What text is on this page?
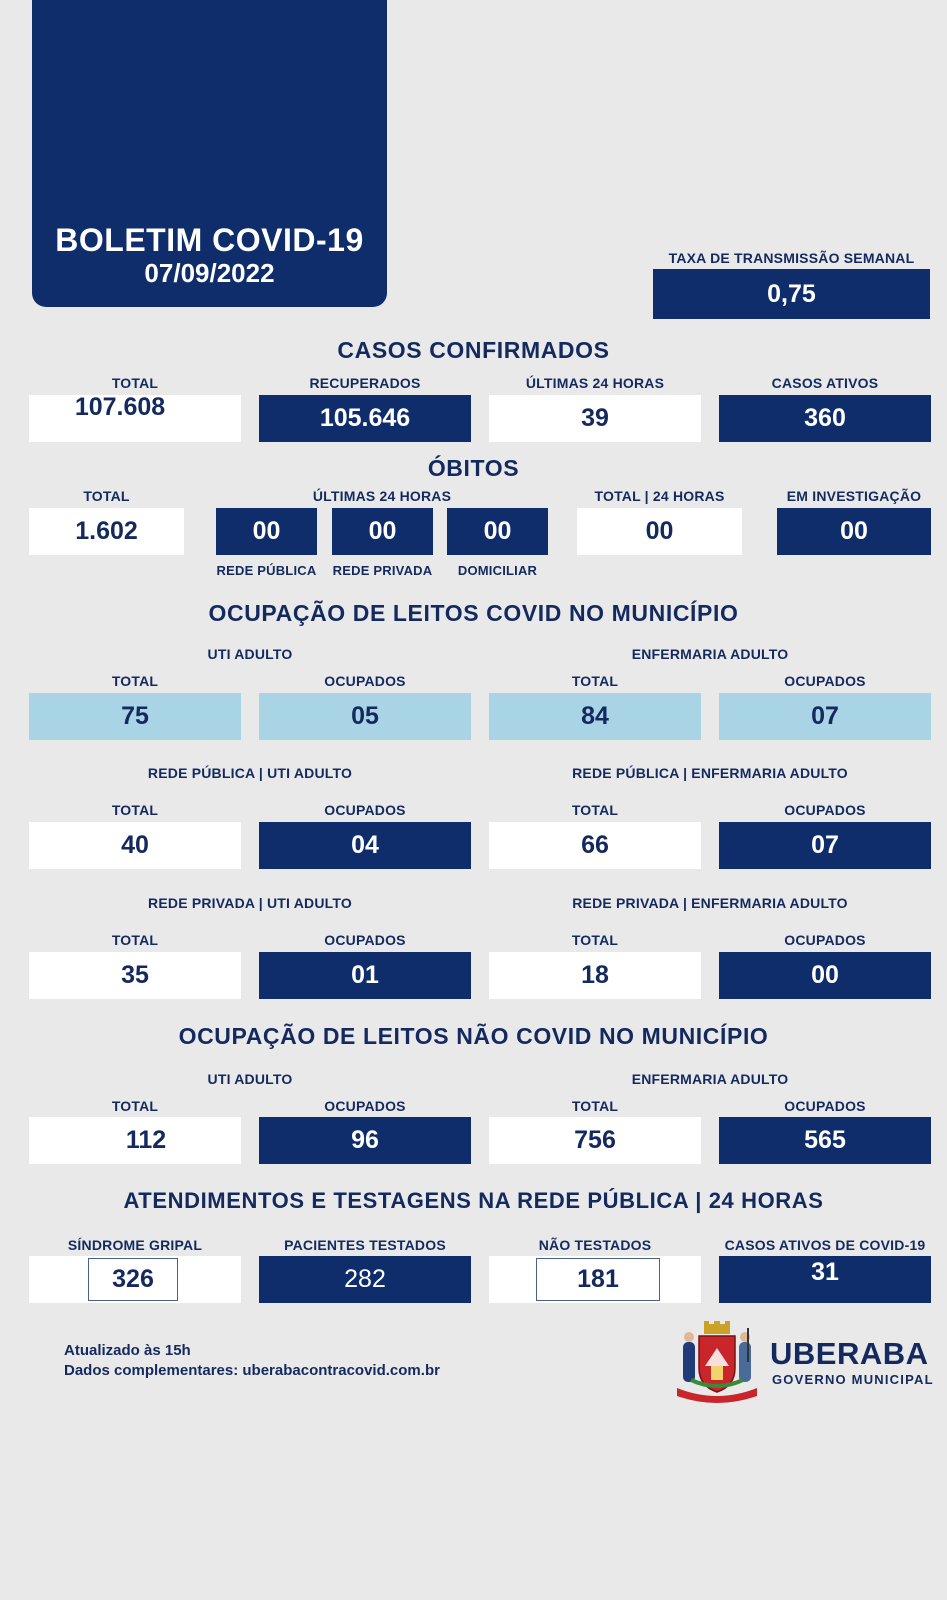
BOLETIM COVID-19
07/09/2022	TAXA DE TRANSMISSÃO SEMANAL
0,75
CASOS CONFIRMADOS
TOTAL
107.608
RECUPERADOS
105.646
ÚLTIMAS 24 HORAS
39
CASOS ATIVOS
360
ÓBITOS
TOTAL
1.602
ÚLTIMAS 24 HORAS
00	00	00
REDE PÚBLICA	REDE PRIVADA	DOMICILIAR
TOTAL | 24 HORAS
00
EM INVESTIGAÇÃO
00
OCUPAÇÃO DE LEITOS COVID NO MUNICÍPIO
UTI ADULTO	ENFERMARIA ADULTO
TOTAL	OCUPADOS	TOTAL	OCUPADOS
75	05	84	07
REDE PÚBLICA | UTI ADULTO	REDE PÚBLICA | ENFERMARIA ADULTO
TOTAL	OCUPADOS	TOTAL	OCUPADOS
40	04	66	07
REDE PRIVADA | UTI ADULTO	REDE PRIVADA | ENFERMARIA ADULTO
TOTAL	OCUPADOS	TOTAL	OCUPADOS
35	01	18	00
OCUPAÇÃO DE LEITOS NÃO COVID NO MUNICÍPIO
UTI ADULTO	ENFERMARIA ADULTO
TOTAL	OCUPADOS	TOTAL	OCUPADOS
112	96	756	565
ATENDIMENTOS E TESTAGENS NA REDE PÚBLICA | 24 HORAS
SÍNDROME GRIPAL
326
PACIENTES TESTADOS
282
NÃO TESTADOS
181
CASOS ATIVOS DE COVID-19
31
Atualizado às 15h
Dados complementares: uberabacontracovid.com.br	UBERABA
GOVERNO MUNICIPAL
